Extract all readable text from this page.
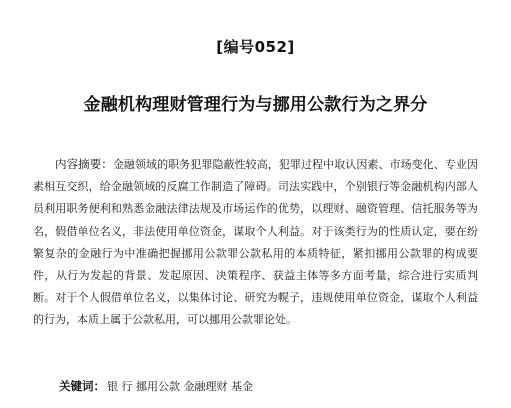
[编号052]
金融机构理财管理行为与挪用公款行为之界分
内容摘要：金融领域的职务犯罪隐蔽性较高，犯罪过程中取认因素、市场变化、专业因素相互交织，给金融领域的反腐工作制造了障碍。司法实践中，个别银行等金融机构内部人员利用职务便利和熟悉金融法律法规及市场运作的优势，以理财、融资管理、信托服务等为名，假借单位名义，非法使用单位资金，谋取个人利益。对于该类行为的性质认定，要在纷繁复杂的金融行为中准确把握挪用公款罪公款私用的本质特征，紧扣挪用公款罪的构成要件，从行为发起的背景、发起原因、决策程序、获益主体等多方面考量，综合进行实质判断。对于个人假借单位名义，以集体讨论、研究为幌子，违规使用单位资金，谋取个人利益的行为，本质上属于公款私用，可以挪用公款罪论处。
关键词： 银 行 挪用公款 金融理财 基金
